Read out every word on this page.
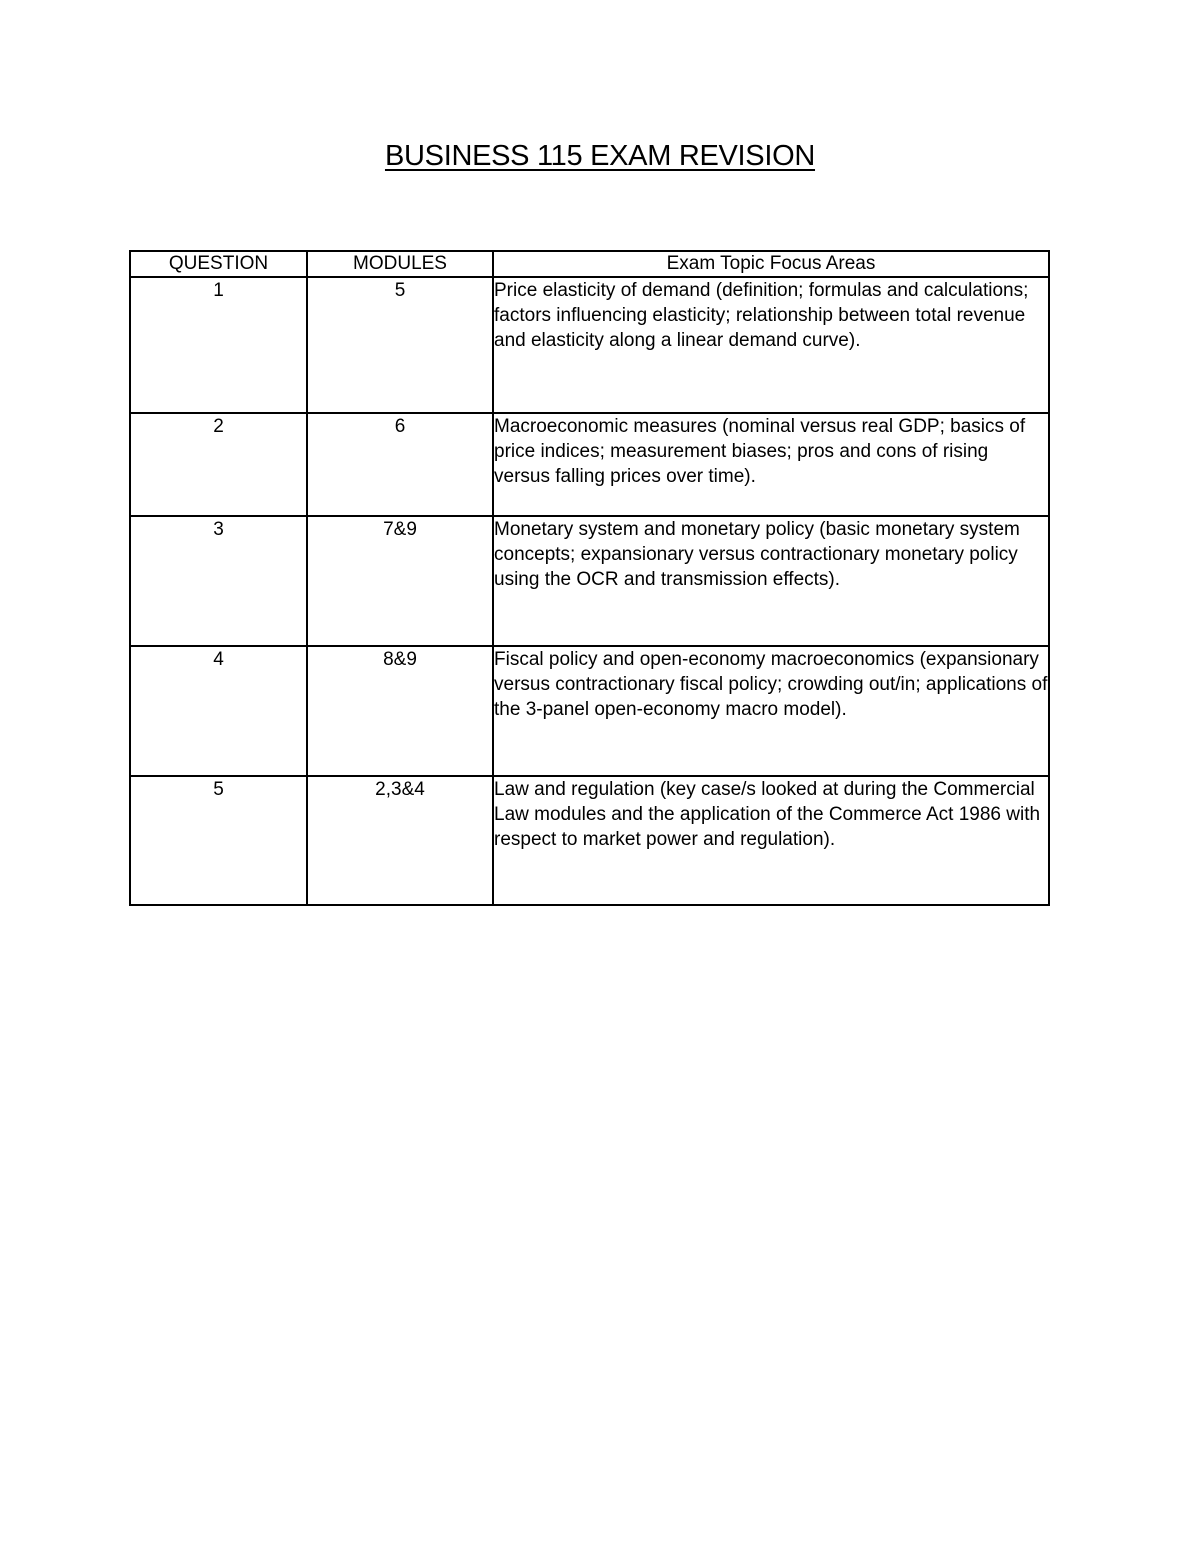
BUSINESS 115 EXAM REVISION
QUESTION	MODULES	Exam Topic Focus Areas
1	5	Price elasticity of demand (definition; formulas and calculations; factors influencing elasticity; relationship between total revenue and elasticity along a linear demand curve).
2	6	Macroeconomic measures (nominal versus real GDP; basics of price indices; measurement biases; pros and cons of rising versus falling prices over time).
3	7&9	Monetary system and monetary policy (basic monetary system concepts; expansionary versus contractionary monetary policy using the OCR and transmission effects).
4	8&9	Fiscal policy and open-economy macroeconomics (expansionary versus contractionary fiscal policy; crowding out/in; applications of the 3-panel open-economy macro model).
5	2,3&4	Law and regulation (key case/s looked at during the Commercial Law modules and the application of the Commerce Act 1986 with respect to market power and regulation).
